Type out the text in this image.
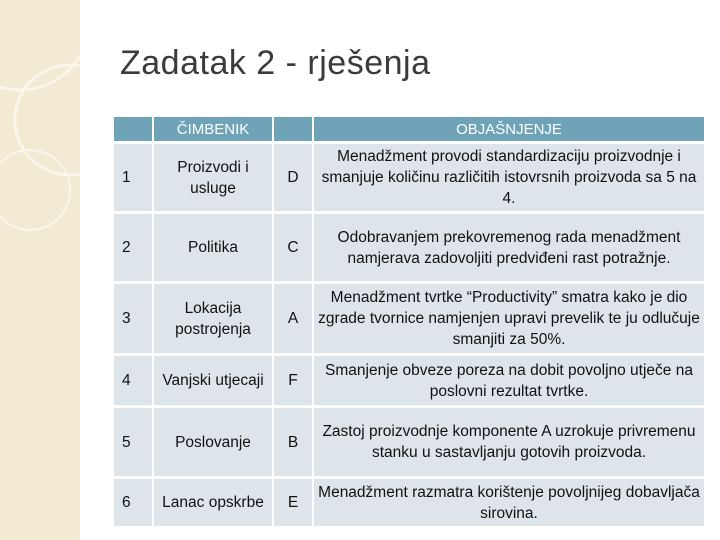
Zadatak 2 - rješenja
	ČIMBENIK		OBJAŠNJENJE
1	Proizvodi i usluge	D	Menadžment provodi standardizaciju proizvodnje i smanjuje količinu različitih istovrsnih proizvoda sa 5 na 4.
2	Politika	C	Odobravanjem prekovremenog rada menadžment namjerava zadovoljiti predviđeni rast potražnje.
3	Lokacija postrojenja	A	Menadžment tvrtke “Productivity” smatra kako je dio zgrade tvornice namjenjen upravi prevelik te ju odlučuje smanjiti za 50%.
4	Vanjski utjecaji	F	Smanjenje obveze poreza na dobit povoljno utječe na poslovni rezultat tvrtke.
5	Poslovanje	B	Zastoj proizvodnje komponente A uzrokuje privremenu stanku u sastavljanju gotovih proizvoda.
6	Lanac opskrbe	E	Menadžment razmatra korištenje povoljnijeg dobavljača sirovina.
